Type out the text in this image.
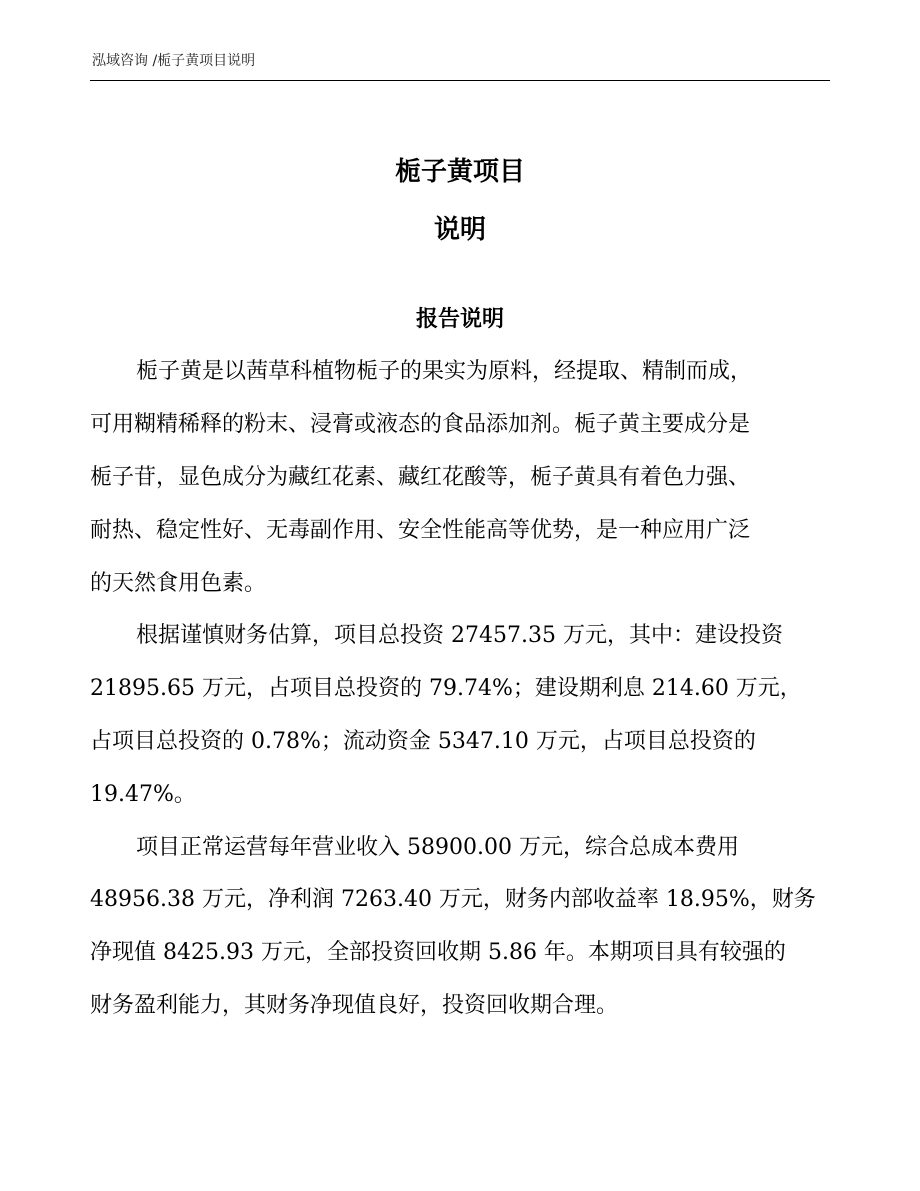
泓域咨询 /栀子黄项目说明
栀子黄项目
说明
报告说明
栀子黄是以茜草科植物栀子的果实为原料，经提取、精制而成，
可用糊精稀释的粉末、浸膏或液态的食品添加剂。栀子黄主要成分是
栀子苷，显色成分为藏红花素、藏红花酸等，栀子黄具有着色力强、
耐热、稳定性好、无毒副作用、安全性能高等优势，是一种应用广泛
的天然食用色素。
根据谨慎财务估算，项目总投资 27457.35 万元，其中：建设投资
21895.65 万元，占项目总投资的 79.74%；建设期利息 214.60 万元，
占项目总投资的 0.78%；流动资金 5347.10 万元，占项目总投资的
19.47%。
项目正常运营每年营业收入 58900.00 万元，综合总成本费用
48956.38 万元，净利润 7263.40 万元，财务内部收益率 18.95%，财务
净现值 8425.93 万元，全部投资回收期 5.86 年。本期项目具有较强的
财务盈利能力，其财务净现值良好，投资回收期合理。
